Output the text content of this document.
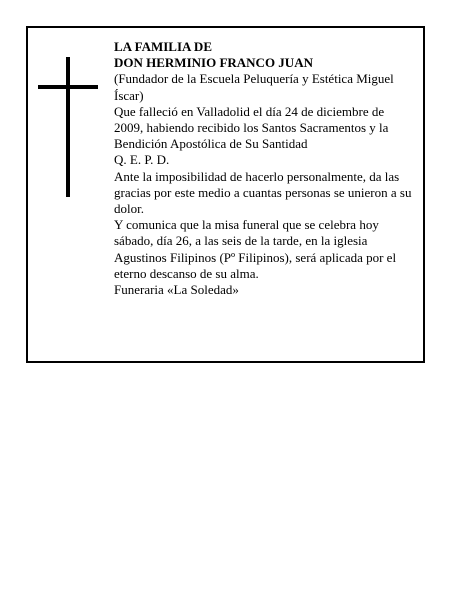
LA FAMILIA DE

DON HERMINIO FRANCO JUAN

(Fundador de la Escuela Peluquería y Estética Miguel Íscar)

Que falleció en Valladolid el día 24 de diciembre de 2009, habiendo recibido los Santos Sacramentos y la Bendición Apostólica de Su Santidad

Q. E. P. D.

Ante la imposibilidad de hacerlo personalmente, da las gracias por este medio a cuantas personas se unieron a su dolor.

Y comunica que la misa funeral que se celebra hoy sábado, día 26, a las seis de la tarde, en la iglesia Agustinos Filipinos (Pº Filipinos), será aplicada por el eterno descanso de su alma.

Funeraria «La Soledad»
